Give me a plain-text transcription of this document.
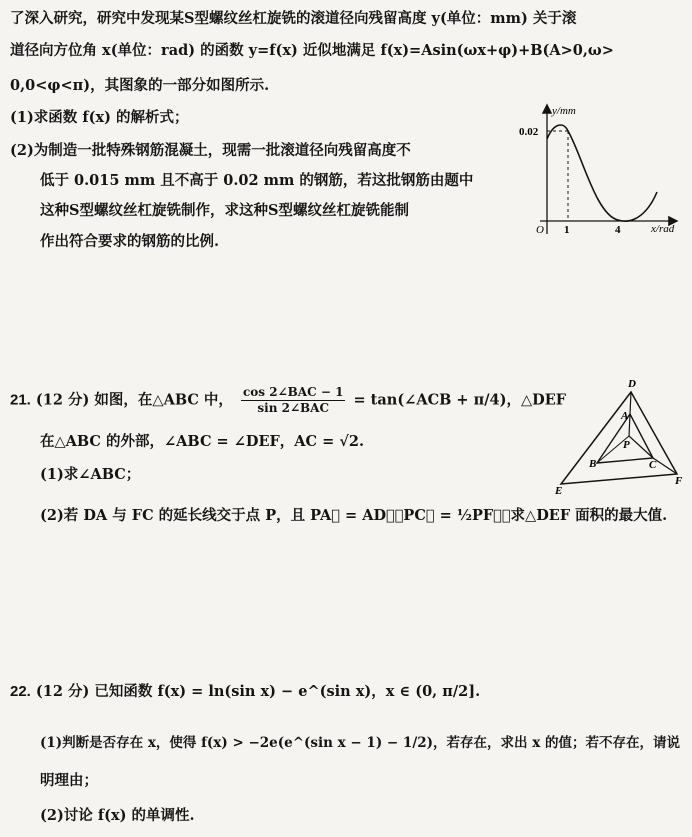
了深入研究，研究中发现某S型螺纹丝杠旋铣的滚道径向残留高度 y(单位：mm) 关于滚
道径向方位角 x(单位：rad) 的函数 y=f(x) 近似地满足 f(x)=Asin(ωx+φ)+B(A>0,ω>
0,0<φ<π)，其图象的一部分如图所示.
(1)求函数 f(x) 的解析式；
(2)为制造一批特殊钢筋混凝土，现需一批滚道径向残留高度不
低于 0.015 mm 且不高于 0.02 mm 的钢筋，若这批钢筋由题中
这种S型螺纹丝杠旋铣制作，求这种S型螺纹丝杠旋铣能制
作出符合要求的钢筋的比例.
y/mm
x/rad
0.02
O 1	4
21. (12 分) 如图，在△ABC 中， cos 2∠BAC − 1
sin 2∠BAC	= tan(∠ACB + π/4)，△DEF
在△ABC 的外部，∠ABC = ∠DEF，AC = √2.
(1)求∠ABC；
(2)若 DA 与 FC 的延长线交于点 P，且 PA⃗ = AD⃗，PC⃗ = ½PF⃗，求△DEF 面积的最大值.
D
A
P
B	C
E
F
22. (12 分) 已知函数 f(x) = ln(sin x) − e^(sin x)，x ∈ (0, π/2].
(1)判断是否存在 x，使得 f(x) > −2e(e^(sin x − 1) − 1/2)，若存在，求出 x 的值；若不存在，请说
明理由；
(2)讨论 f(x) 的单调性.
